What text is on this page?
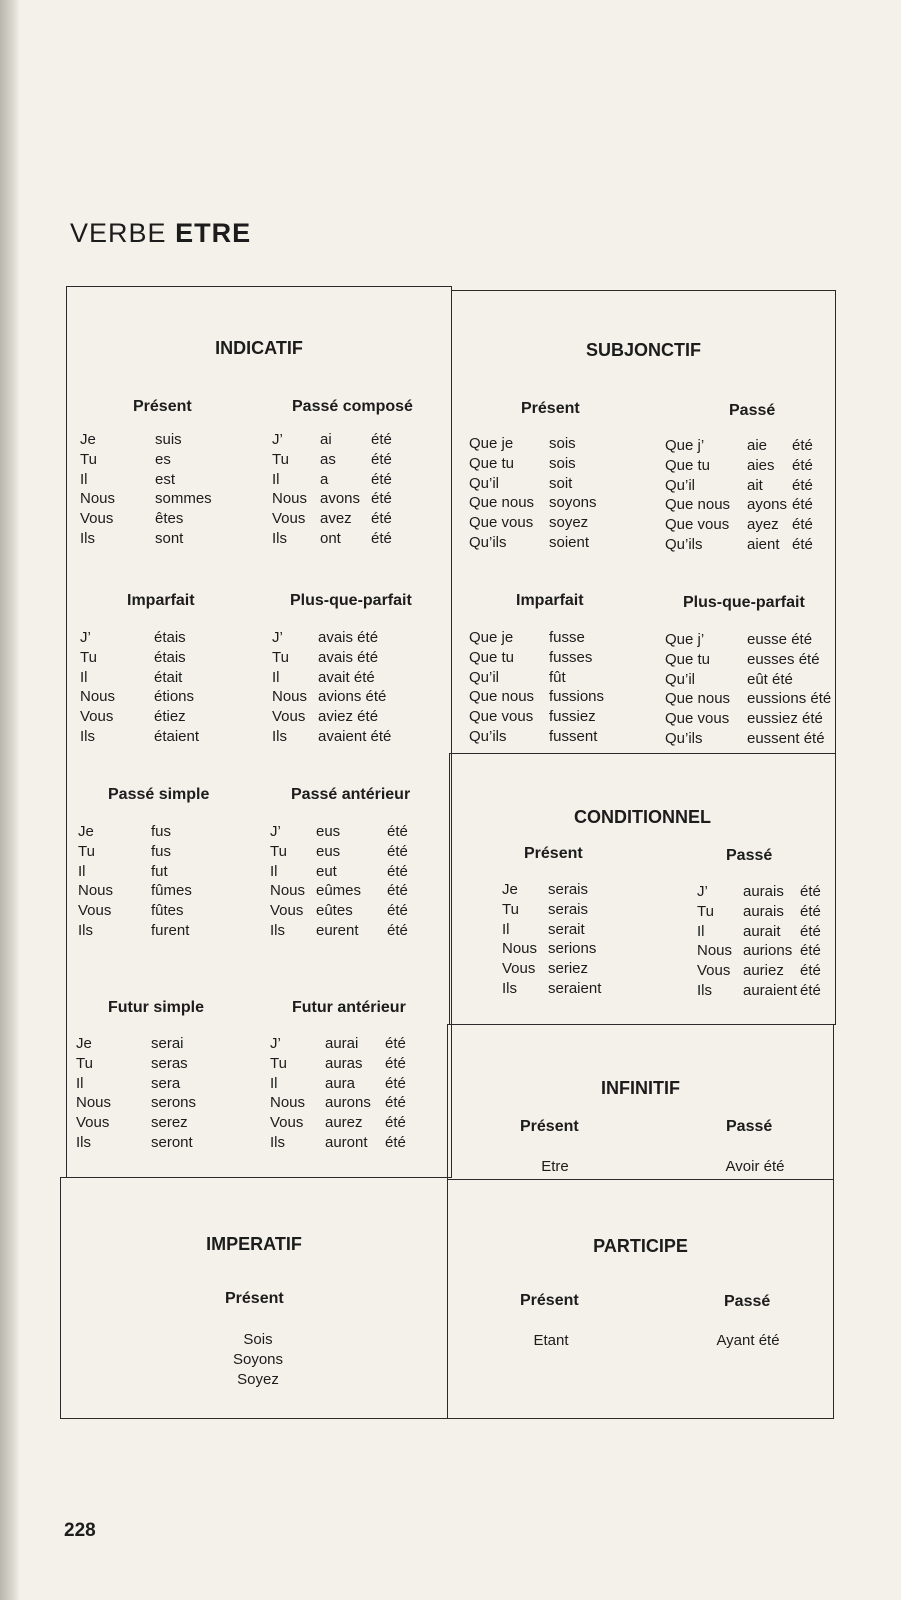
VERBE ETRE
INDICATIF
Présent
Je	suis
Tu	es
Il	est
Nous	sommes
Vous	êtes
Ils	sont
Passé composé
J’	ai	été
Tu	as	été
Il	a	été
Nous avons été
Vous avez	été
Ils	ont	été
Imparfait
J’	étais
Tu	étais
Il	était
Nous	étions
Vous	étiez
Ils	étaient
Plus-que-parfait
J’	avais été
Tu	avais été
Il	avait été
Nous avions été
Vous aviez été
Ils	avaient été
Passé simple
Je	fus
Tu	fus
Il	fut
Nous	fûmes
Vous	fûtes
Ils	furent
Passé antérieur
J’	eus	été
Tu	eus	été
Il	eut	été
Nous eûmes	été
Vous eûtes	été
Ils	eurent	été
Futur simple
Je	serai
Tu	seras
Il	sera
Nous	serons
Vous	serez
Ils	seront
Futur antérieur
J’	aurai	été
Tu	auras	été
Il	aura	été
Nous	aurons été
Vous	aurez	été
Ils	auront	été
SUBJONCTIF
Présent
Que je	sois
Que tu	sois
Qu’il	soit
Que nous soyons
Que vous	soyez
Qu’ils	soient
Passé
Que j’	aie	été
Que tu	aies	été
Qu’il	ait	été
Que nous	ayons été
Que vous	ayez été
Qu’ils	aient été
Imparfait
Que je	fusse
Que tu	fusses
Qu’il	fût
Que nous fussions
Que vous	fussiez
Qu’ils	fussent
Plus-que-parfait
Que j’	eusse été
Que tu	eusses été
Qu’il	eût été
Que nous	eussions été
Que vous	eussiez été
Qu’ils	eussent été
CONDITIONNEL
Présent
Je	serais
Tu	serais
Il	serait
Nous serions
Vous seriez
Ils	seraient
Passé
J’	aurais	été
Tu	aurais	été
Il	aurait	été
Nous aurions été
Vous auriez	été
Ils	auraient été
INFINITIF
Présent
Etre
Passé
Avoir été
IMPERATIF
Présent
Sois
Soyons
Soyez
PARTICIPE
Présent
Etant
Passé
Ayant été
228
